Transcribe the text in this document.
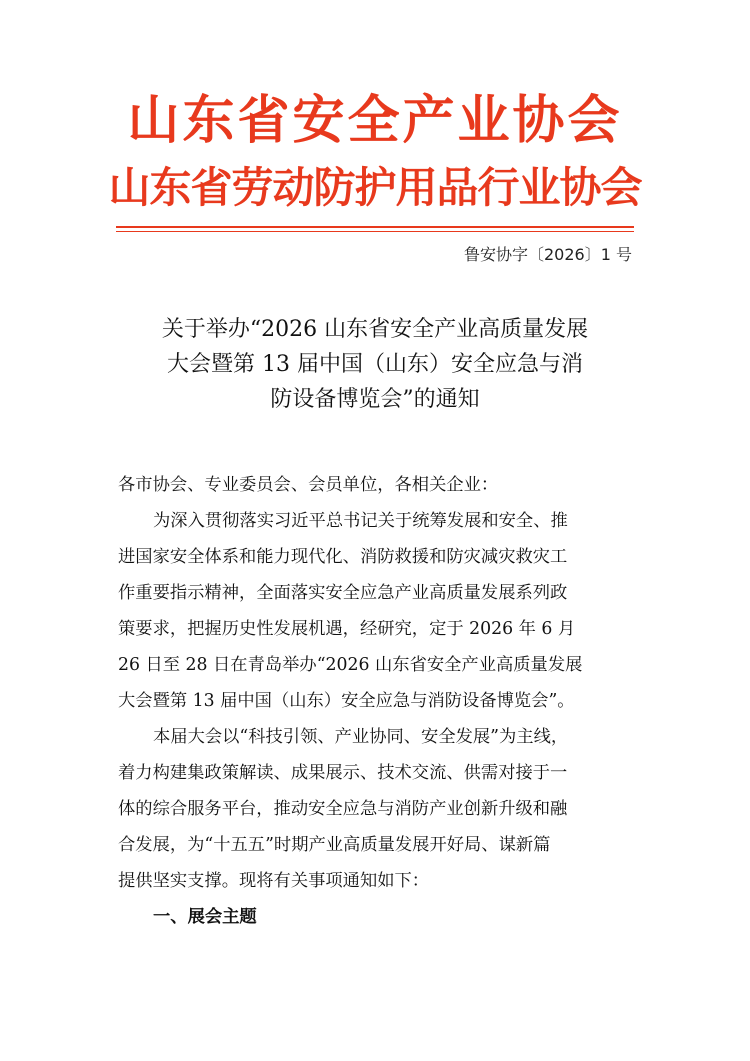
山东省安全产业协会
山东省劳动防护用品行业协会
鲁安协字〔2026〕1 号
关于举办“2026 山东省安全产业高质量发展
大会暨第 13 届中国（山东）安全应急与消
防设备博览会”的通知
各市协会、专业委员会、会员单位，各相关企业：
为深入贯彻落实习近平总书记关于统筹发展和安全、推
进国家安全体系和能力现代化、消防救援和防灾减灾救灾工
作重要指示精神，全面落实安全应急产业高质量发展系列政
策要求，把握历史性发展机遇，经研究，定于 2026 年 6 月
26 日至 28 日在青岛举办“2026 山东省安全产业高质量发展
大会暨第 13 届中国（山东）安全应急与消防设备博览会”。
本届大会以“科技引领、产业协同、安全发展”为主线，
着力构建集政策解读、成果展示、技术交流、供需对接于一
体的综合服务平台，推动安全应急与消防产业创新升级和融
合发展，为“十五五”时期产业高质量发展开好局、谋新篇
提供坚实支撑。现将有关事项通知如下：
一、展会主题
